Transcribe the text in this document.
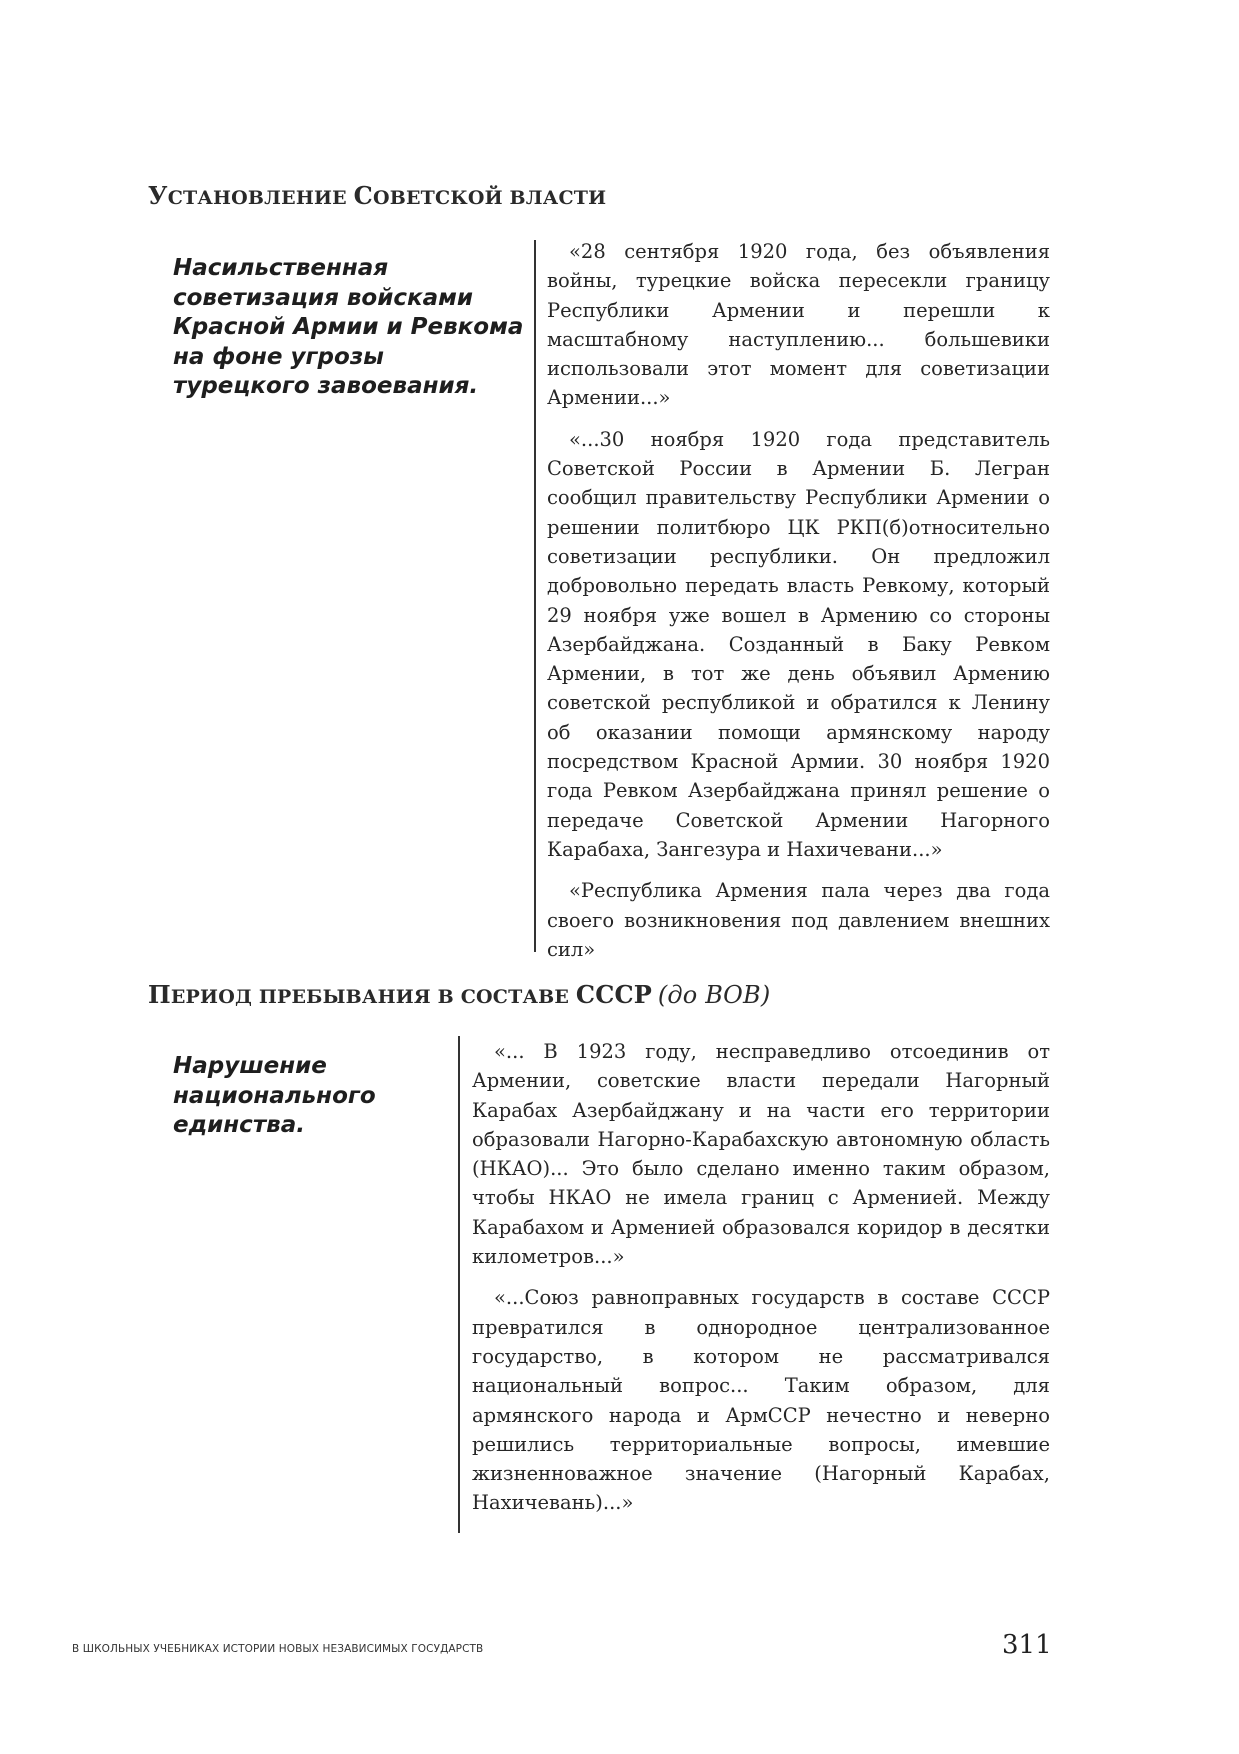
УСТАНОВЛЕНИЕ СОВЕТСКОЙ ВЛАСТИ
Насильственная советизация войсками Красной Армии и Ревкома на фоне угрозы турецкого завоевания.

«28 сентября 1920 года, без объявления войны, турецкие войска пересекли границу Республики Армении и перешли к масштабному наступлению... большевики использовали этот момент для советизации Армении...»

«...30 ноября 1920 года представитель Советской России в Армении Б. Легран сообщил правительству Республики Армении о решении политбюро ЦК РКП(б)относительно советизации республики. Он предложил добровольно передать власть Ревкому, который 29 ноября уже вошел в Армению со стороны Азербайджана. Созданный в Баку Ревком Армении, в тот же день объявил Армению советской республикой и обратился к Ленину об оказании помощи армянскому народу посредством Красной Армии. 30 ноября 1920 года Ревком Азербайджана принял решение о передаче Советской Армении Нагорного Карабаха, Зангезура и Нахичевани...»

«Республика Армения пала через два года своего возникновения под давлением внешних сил»

ПЕРИОД ПРЕБЫВАНИЯ В СОСТАВЕ СССР (до ВОВ)
Нарушение национального единства.

«... В 1923 году, несправедливо отсоединив от Армении, советские власти передали Нагорный Карабах Азербайджану и на части его территории образовали Нагорно-Карабахскую автономную область (НКАО)... Это было сделано именно таким образом, чтобы НКАО не имела границ с Арменией. Между Карабахом и Арменией образовался коридор в десятки километров...»

«...Союз равноправных государств в составе СССР превратился в однородное централизованное государство, в котором не рассматривался национальный вопрос... Таким образом, для армянского народа и АрмССР нечестно и неверно решились территориальные вопросы, имевшие жизненноважное значение (Нагорный Карабах, Нахичевань)...»

В ШКОЛЬНЫХ УЧЕБНИКАХ ИСТОРИИ НОВЫХ НЕЗАВИСИМЫХ ГОСУДАРСТВ	311
